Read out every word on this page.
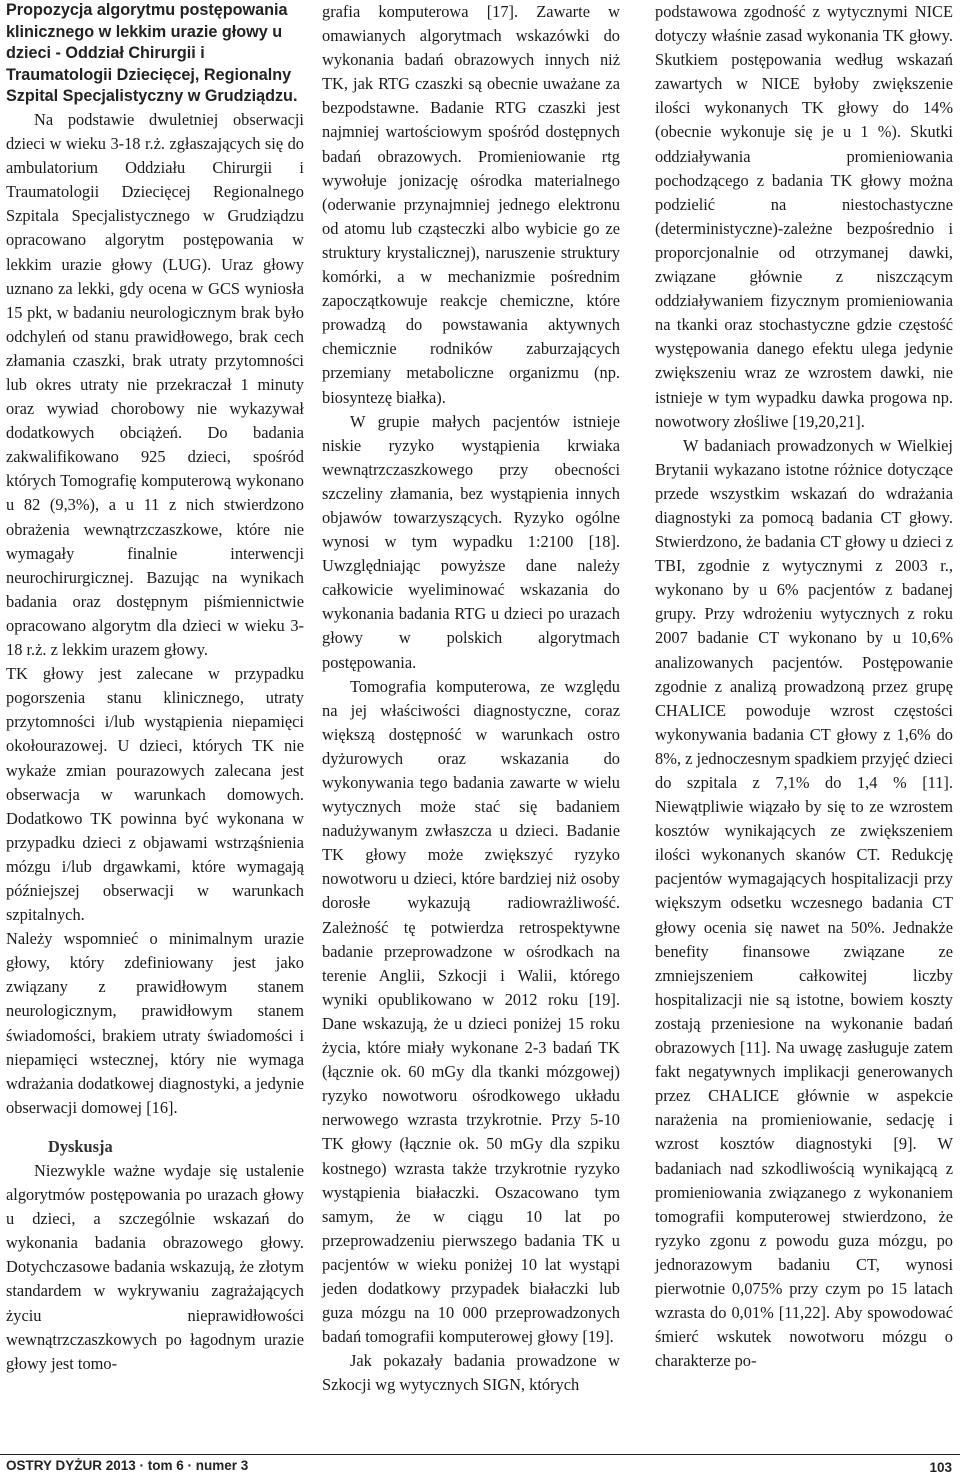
Propozycja algorytmu postępowania klinicznego w lekkim urazie głowy u dzieci - Oddział Chirurgii i Traumatologii Dziecięcej, Regionalny Szpital Specjalistyczny w Grudziądzu.

Na podstawie dwuletniej obserwacji dzieci w wieku 3-18 r.ż. zgłaszających się do ambulatorium Oddziału Chirurgii i Traumatologii Dziecięcej Regionalnego Szpitala Specjalistycznego w Grudziądzu opracowano algorytm postępowania w lekkim urazie głowy (LUG). Uraz głowy uznano za lekki, gdy ocena w GCS wyniosła 15 pkt, w badaniu neurologicznym brak było odchyleń od stanu prawidłowego, brak cech złamania czaszki, brak utraty przytomności lub okres utraty nie przekraczał 1 minuty oraz wywiad chorobowy nie wykazywał dodatkowych obciążeń. Do badania zakwalifikowano 925 dzieci, spośród których Tomografię komputerową wykonano u 82 (9,3%), a u 11 z nich stwierdzono obrażenia wewnątrzczaszkowe, które nie wymagały finalnie interwencji neurochirurgicznej. Bazując na wynikach badania oraz dostępnym piśmiennictwie opracowano algorytm dla dzieci w wieku 3-18 r.ż. z lekkim urazem głowy.

TK głowy jest zalecane w przypadku pogorszenia stanu klinicznego, utraty przytomności i/lub wystąpienia niepamięci okołourazowej. U dzieci, których TK nie wykaże zmian pourazowych zalecana jest obserwacja w warunkach domowych. Dodatkowo TK powinna być wykonana w przypadku dzieci z objawami wstrząśnienia mózgu i/lub drgawkami, które wymagają późniejszej obserwacji w warunkach szpitalnych.

Należy wspomnieć o minimalnym urazie głowy, który zdefiniowany jest jako związany z prawidłowym stanem neurologicznym, prawidłowym stanem świadomości, brakiem utraty świadomości i niepamięci wstecznej, który nie wymaga wdrażania dodatkowej diagnostyki, a jedynie obserwacji domowej [16].

Dyskusja

Niezwykle ważne wydaje się ustalenie algorytmów postępowania po urazach głowy u dzieci, a szczególnie wskazań do wykonania badania obrazowego głowy. Dotychczasowe badania wskazują, że złotym standardem w wykrywaniu zagrażających życiu nieprawidłowości wewnątrzczaszkowych po łagodnym urazie głowy jest tomo-

grafia komputerowa [17]. Zawarte w omawianych algorytmach wskazówki do wykonania badań obrazowych innych niż TK, jak RTG czaszki są obecnie uważane za bezpodstawne. Badanie RTG czaszki jest najmniej wartościowym spośród dostępnych badań obrazowych. Promieniowanie rtg wywołuje jonizację ośrodka materialnego (oderwanie przynajmniej jednego elektronu od atomu lub cząsteczki albo wybicie go ze struktury krystalicznej), naruszenie struktury komórki, a w mechanizmie pośrednim zapoczątkowuje reakcje chemiczne, które prowadzą do powstawania aktywnych chemicznie rodników zaburzających przemiany metaboliczne organizmu (np. biosyntezę białka).

W grupie małych pacjentów istnieje niskie ryzyko wystąpienia krwiaka wewnątrzczaszkowego przy obecności szczeliny złamania, bez wystąpienia innych objawów towarzyszących. Ryzyko ogólne wynosi w tym wypadku 1:2100 [18]. Uwzględniając powyższe dane należy całkowicie wyeliminować wskazania do wykonania badania RTG u dzieci po urazach głowy w polskich algorytmach postępowania.

Tomografia komputerowa, ze względu na jej właściwości diagnostyczne, coraz większą dostępność w warunkach ostro dyżurowych oraz wskazania do wykonywania tego badania zawarte w wielu wytycznych może stać się badaniem nadużywanym zwłaszcza u dzieci. Badanie TK głowy może zwiększyć ryzyko nowotworu u dzieci, które bardziej niż osoby dorosłe wykazują radiowrażliwość. Zależność tę potwierdza retrospektywne badanie przeprowadzone w ośrodkach na terenie Anglii, Szkocji i Walii, którego wyniki opublikowano w 2012 roku [19]. Dane wskazują, że u dzieci poniżej 15 roku życia, które miały wykonane 2-3 badań TK (łącznie ok. 60 mGy dla tkanki mózgowej) ryzyko nowotworu ośrodkowego układu nerwowego wzrasta trzykrotnie. Przy 5-10 TK głowy (łącznie ok. 50 mGy dla szpiku kostnego) wzrasta także trzykrotnie ryzyko wystąpienia białaczki. Oszacowano tym samym, że w ciągu 10 lat po przeprowadzeniu pierwszego badania TK u pacjentów w wieku poniżej 10 lat wystąpi jeden dodatkowy przypadek białaczki lub guza mózgu na 10 000 przeprowadzonych badań tomografii komputerowej głowy [19].

Jak pokazały badania prowadzone w Szkocji wg wytycznych SIGN, których

podstawowa zgodność z wytycznymi NICE dotyczy właśnie zasad wykonania TK głowy. Skutkiem postępowania według wskazań zawartych w NICE byłoby zwiększenie ilości wykonanych TK głowy do 14% (obecnie wykonuje się je u 1 %). Skutki oddziaływania promieniowania pochodzącego z badania TK głowy można podzielić na niestochastyczne (deterministyczne)-zależne bezpośrednio i proporcjonalnie od otrzymanej dawki, związane głównie z niszczącym oddziaływaniem fizycznym promieniowania na tkanki oraz stochastyczne gdzie częstość występowania danego efektu ulega jedynie zwiększeniu wraz ze wzrostem dawki, nie istnieje w tym wypadku dawka progowa np. nowotwory złośliwe [19,20,21].

W badaniach prowadzonych w Wielkiej Brytanii wykazano istotne różnice dotyczące przede wszystkim wskazań do wdrażania diagnostyki za pomocą badania CT głowy. Stwierdzono, że badania CT głowy u dzieci z TBI, zgodnie z wytycznymi z 2003 r., wykonano by u 6% pacjentów z badanej grupy. Przy wdrożeniu wytycznych z roku 2007 badanie CT wykonano by u 10,6% analizowanych pacjentów. Postępowanie zgodnie z analizą prowadzoną przez grupę CHALICE powoduje wzrost częstości wykonywania badania CT głowy z 1,6% do 8%, z jednoczesnym spadkiem przyjęć dzieci do szpitala z 7,1% do 1,4 % [11]. Niewątpliwie wiązało by się to ze wzrostem kosztów wynikających ze zwiększeniem ilości wykonanych skanów CT. Redukcję pacjentów wymagających hospitalizacji przy większym odsetku wczesnego badania CT głowy ocenia się nawet na 50%. Jednakże benefity finansowe związane ze zmniejszeniem całkowitej liczby hospitalizacji nie są istotne, bowiem koszty zostają przeniesione na wykonanie badań obrazowych [11]. Na uwagę zasługuje zatem fakt negatywnych implikacji generowanych przez CHALICE głównie w aspekcie narażenia na promieniowanie, sedację i wzrost kosztów diagnostyki [9]. W badaniach nad szkodliwością wynikającą z promieniowania związanego z wykonaniem tomografii komputerowej stwierdzono, że ryzyko zgonu z powodu guza mózgu, po jednorazowym badaniu CT, wynosi pierwotnie 0,075% przy czym po 15 latach wzrasta do 0,01% [11,22]. Aby spowodować śmierć wskutek nowotworu mózgu o charakterze po-

OSTRY DYŻUR 2013 · tom 6 · numer 3	103
